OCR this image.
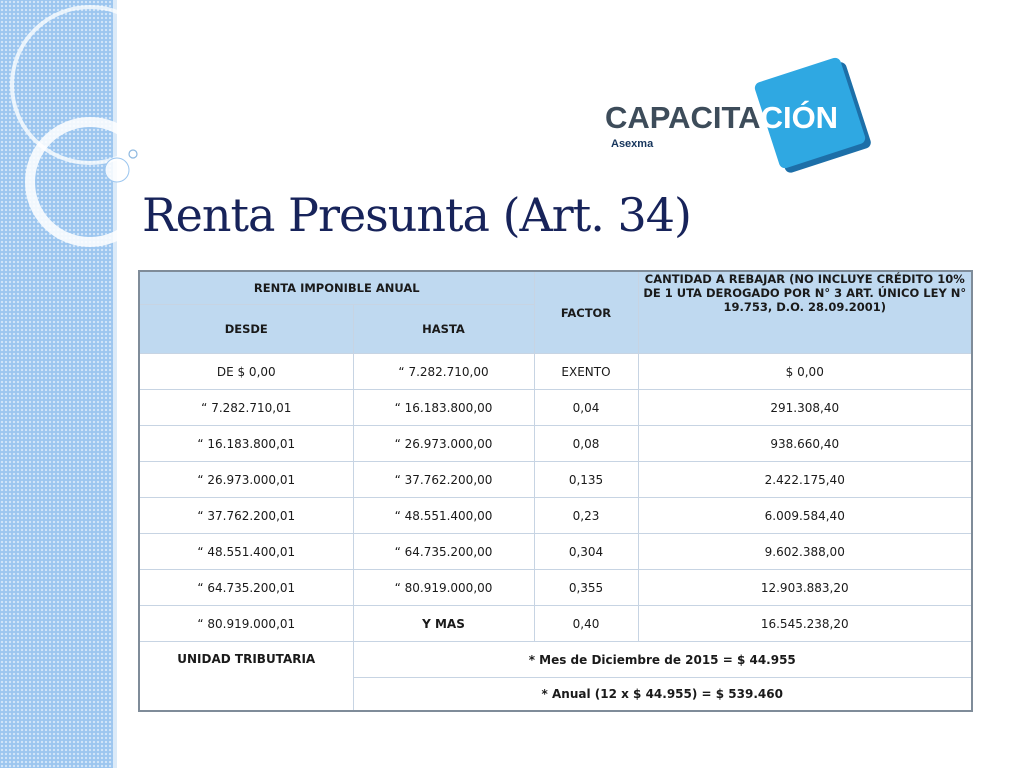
CAPACITACIÓN
Asexma
Renta Presunta (Art. 34)
RENTA IMPONIBLE ANUAL		FACTOR	CANTIDAD A REBAJAR (NO INCLUYE CRÉDITO 10% DE 1 UTA DEROGADO POR N° 3 ART. ÚNICO LEY N° 19.753, D.O. 28.09.2001)
DESDE	HASTA		
DE $ 0,00	“ 7.282.710,00	EXENTO	$ 0,00
“ 7.282.710,01	“ 16.183.800,00	0,04	291.308,40
“ 16.183.800,01	“ 26.973.000,00	0,08	938.660,40
“ 26.973.000,01	“ 37.762.200,00	0,135	2.422.175,40
“ 37.762.200,01	“ 48.551.400,00	0,23	6.009.584,40
“ 48.551.400,01	“ 64.735.200,00	0,304	9.602.388,00
“ 64.735.200,01	“ 80.919.000,00	0,355	12.903.883,20
“ 80.919.000,01	Y MAS	0,40	16.545.238,20
UNIDAD TRIBUTARIA	* Mes de Diciembre de 2015 = $ 44.955		
	* Anual (12 x $ 44.955) = $ 539.460		
